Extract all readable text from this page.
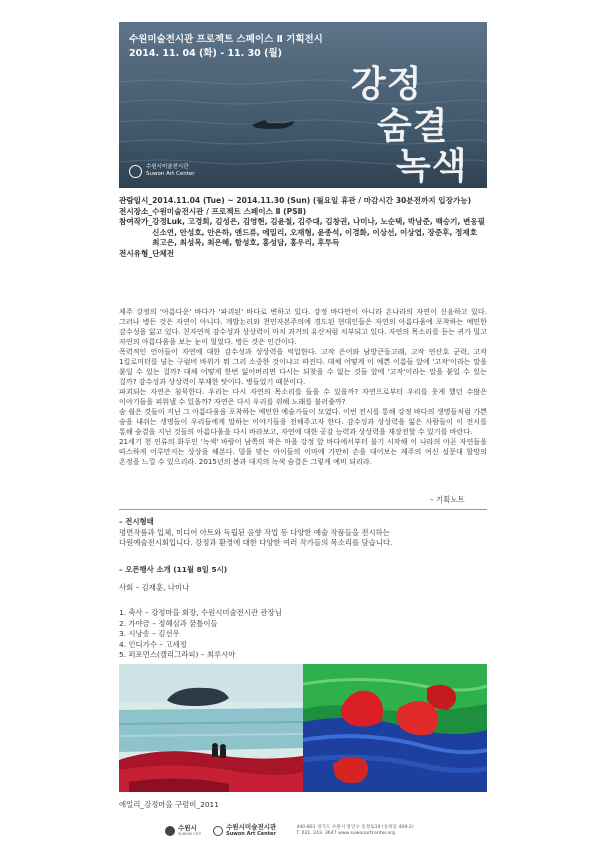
수원미술전시관 프로젝트 스페이스 Ⅱ 기획전시
2014. 11. 04 (화) - 11. 30 (월)
강정
숨결
녹색
수원시미술전시관
Suwon Art Center
관람일시_ 2014.11.04 (Tue) ~ 2014.11.30 (Sun) (월요일 휴관 / 마감시간 30분전까지 입장가능)
전시장소_ 수원미술전시관 / 프로젝트 스페이스 Ⅱ (PSⅡ)
참여작가_ 강정Luk, 고경회, 김성은, 김영현, 김윤철, 김주대, 김창권, 나미나, 노순택, 박남준, 백승기, 변웅필
신소연, 안성호, 안은하, 앤드류, 에밀리, 오재형, 윤종석, 이경화, 이상선, 이상엽, 장준후, 정재호
최고은, 최성목, 최은혜, 함성호, 홍성담, 홍우리, 후투득
전시유형_ 단체전

제주 강정의 '아름다운' 바다가 '파괴된' 바다로 변하고 있다. 강정 바다만이 아니라 온나라의 자연이 신음하고 있다. 그러나 병든 것은 자연이 아니다. 개발논리와 천민자본주의에 경도된 현대인들은 자연의 아름다움에 포착하는 예민한 감수성을 잃고 있다. 친자연적 감수성과 상상력이 마치 과거의 유산처럼 치부되고 있다. 자연의 목소리를 듣는 귀가 멀고 자연의 아름다움을 보는 눈이 멀었다. 병든 것은 인간이다.

폭력적인 언어들이 자연에 대한 감수성과 상상력을 억압한다. 고작 은어와 남방큰돌고래, 고작 연산호 군락, 고작 1킬로미터를 넘는 구럼비 바위가 뭐 그리 소중한 것이냐고 따진다. 대체 어떻게 이 예쁜 이름들 앞에 '고작'이라는 말을 붙일 수 있는 걸까? 대체 어떻게 한번 잃어버리면 다시는 되찾을 수 없는 것들 앞에 '고작'이라는 말을 붙일 수 있는 걸까? 감수성과 상상력이 부재한 탓이다. 병들었기 때문이다.

파괴되는 자연은 침묵한다. 우리는 다시 자연의 목소리를 들을 수 있을까? 자연으로부터 우리를 웃게 했던 수많은 이야기들을 피워낼 수 있을까? 자연은 다시 우리를 위해 노래를 불러줄까?

숨 쉴은 것들이 지닌 그 아름다움을 포착하는 예민한 예술가들이 모였다. 이번 전시를 통해 강정 바다의 생명들처럼 가쁜 숨을 내쉬는 생명들이 우리들에게 말하는 이야기들을 전해주고자 한다. 감수성과 상상력을 잃은 사람들이 이 전시를 통해 숨결을 지닌 것들의 아름다움을 다시 바라보고, 자연에 대한 공감 능력과 상상력을 재장전할 수 있기를 바란다.

21세기 천 인류의 화두인 '녹색' 바람이 남쪽의 작은 마을 강정 앞 바다에서부터 불기 시작해 이 나라의 아픈 자연들을 따스하게 어루만지는 상상을 해본다. 멀을 맞는 아이들의 이마에 가만히 손을 대어보는 제주의 여신 설문대 할망의 온정을 느낄 수 있으리라. 2015년의 봄과 대지의 녹색 숨결은 그렇게 예비 되리라.

– 기획노트
– 전시형태
평면작품과 입체, 미디어 아트와 독립된 음향 작업 등 다양한 예술 작품들을 전시하는
다원예술전시회입니다. 강정과 환경에 대한 다양한 여러 작가들의 목소리를 담습니다.
– 오픈행사 소개 (11월 8일 5시)
사회 – 김재훈, 나미나
1. 축사 – 강정마을 회장, 수원시미술전시관 관장님
2. 가야금 – 정혜심과 꿈틀이들
3. 시낭송 – 김선우
4. 인디가수 – 고세정
5. 퍼포먼스(캘리그라피) – 최루시아
에밀리_강정마을 구럼비_2011
수원시
SUWON CITY
수원시미술전시관
Suwon Art Center
440-801 경기도 수원시 장안구 송정로19 (송죽동 409-2)
T. 031. 243. 3647 www.suwonartcenter.org
